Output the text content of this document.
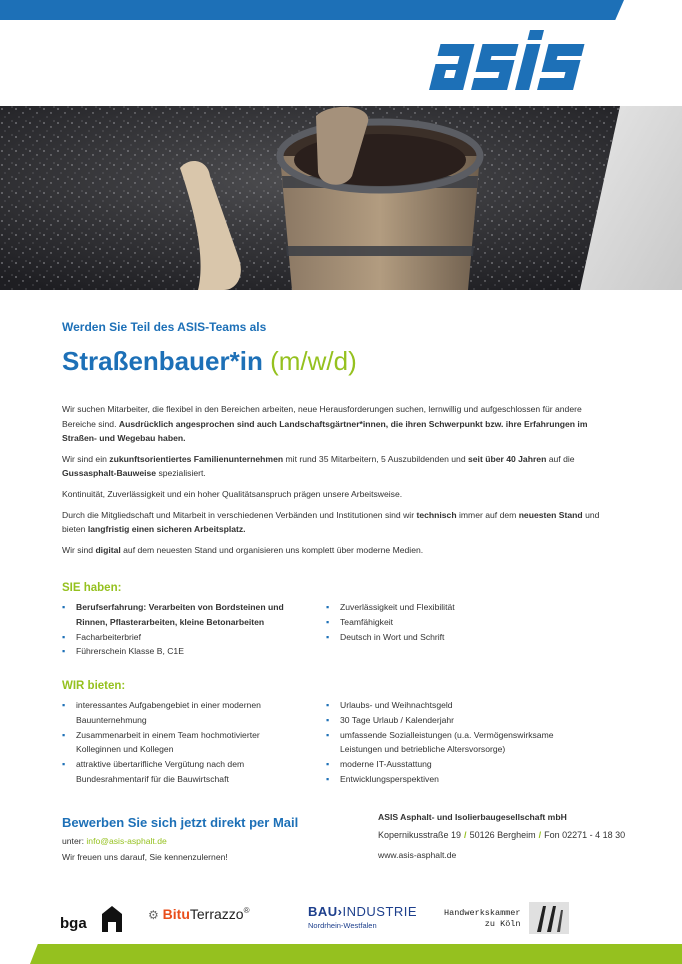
asis
Werden Sie Teil des ASIS-Teams als
Straßenbauer*in (m/w/d)

Wir suchen Mitarbeiter, die flexibel in den Bereichen arbeiten, neue Herausforderungen suchen, lernwillig und aufgeschlossen für andere Bereiche sind. Ausdrücklich angesprochen sind auch Landschaftsgärtner*innen, die ihren Schwerpunkt bzw. ihre Erfahrungen im Straßen- und Wegebau haben.

Wir sind ein zukunftsorientiertes Familienunternehmen mit rund 35 Mitarbeitern, 5 Auszubildenden und seit über 40 Jahren auf die Gussasphalt-Bauweise spezialisiert.

Kontinuität, Zuverlässigkeit und ein hoher Qualitätsanspruch prägen unsere Arbeitsweise.

Durch die Mitgliedschaft und Mitarbeit in verschiedenen Verbänden und Institutionen sind wir technisch immer auf dem neuesten Stand und bieten langfristig einen sicheren Arbeitsplatz.

Wir sind digital auf dem neuesten Stand und organisieren uns komplett über moderne Medien.

SIE haben:
▪ Berufserfahrung: Verarbeiten von Bordsteinen und Rinnen, Pflasterarbeiten, kleine Betonarbeiten
▪ Facharbeiterbrief
▪ Führerschein Klasse B, C1E
▪ Zuverlässigkeit und Flexibilität
▪ Teamfähigkeit
▪ Deutsch in Wort und Schrift
WIR bieten:
▪ interessantes Aufgabengebiet in einer modernen Bauunternehmung
▪ Zusammenarbeit in einem Team hochmotivierter Kolleginnen und Kollegen
▪ attraktive übertarifliche Vergütung nach dem Bundesrahmentarif für die Bauwirtschaft
▪ Urlaubs- und Weihnachtsgeld
▪ 30 Tage Urlaub / Kalenderjahr
▪ umfassende Sozialleistungen (u.a. Vermögenswirksame Leistungen und betriebliche Altersvorsorge)
▪ moderne IT-Ausstattung
▪ Entwicklungsperspektiven
Bewerben Sie sich jetzt direkt per Mail
unter: info@asis-asphalt.de
Wir freuen uns darauf, Sie kennenzulernen!
ASIS Asphalt- und Isolierbaugesellschaft mbH
Kopernikusstraße 19 / 50126 Bergheim / Fon 02271 - 4 18 30
www.asis-asphalt.de
bga	⚙ BituTerrazzo®	BAU›INDUSTRIE
Nordrhein-Westfalen
Handwerkskammer
zu Köln
